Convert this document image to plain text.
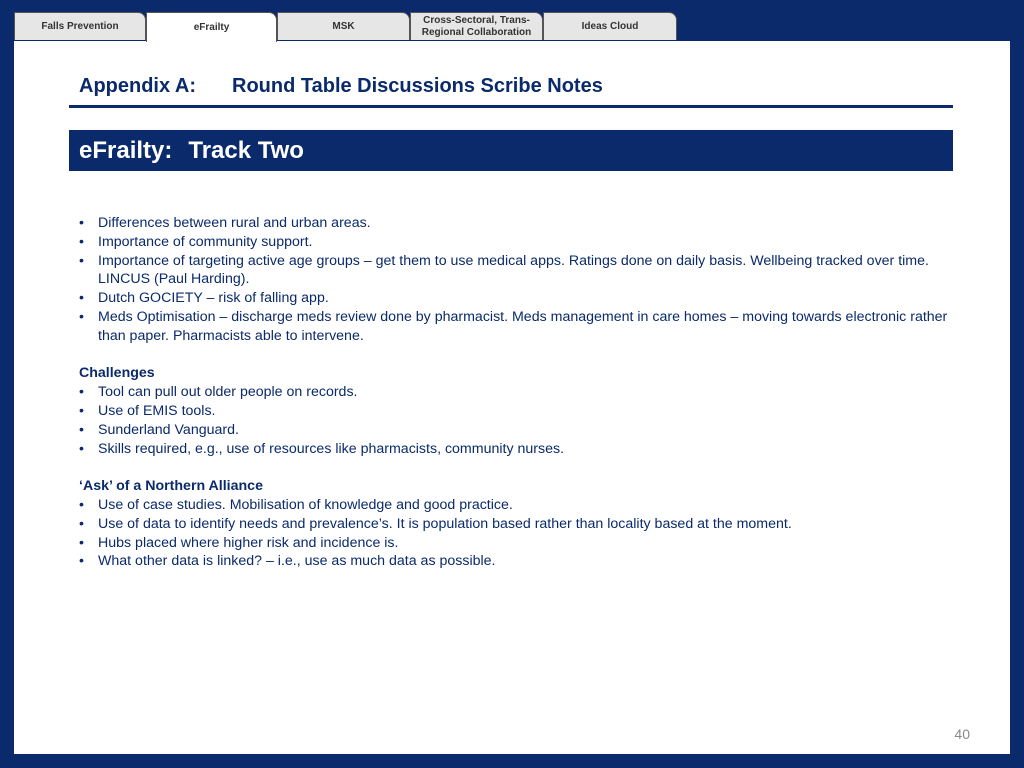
Falls Prevention	eFrailty	MSK
Cross-Sectoral, Trans-Regional Collaboration
Ideas Cloud
Appendix A:	Round Table Discussions Scribe Notes
eFrailty: Track Two
• Differences between rural and urban areas.
• Importance of community support.
• Importance of targeting active age groups – get them to use medical apps. Ratings done on daily basis. Wellbeing tracked over time. LINCUS (Paul Harding).
• Dutch GOCIETY – risk of falling app.
• Meds Optimisation – discharge meds review done by pharmacist. Meds management in care homes – moving towards electronic rather than paper. Pharmacists able to intervene.
Challenges
• Tool can pull out older people on records.
• Use of EMIS tools.
• Sunderland Vanguard.
• Skills required, e.g., use of resources like pharmacists, community nurses.
‘Ask’ of a Northern Alliance
• Use of case studies. Mobilisation of knowledge and good practice.
• Use of data to identify needs and prevalence’s. It is population based rather than locality based at the moment.
• Hubs placed where higher risk and incidence is.
• What other data is linked? – i.e., use as much data as possible.
40
